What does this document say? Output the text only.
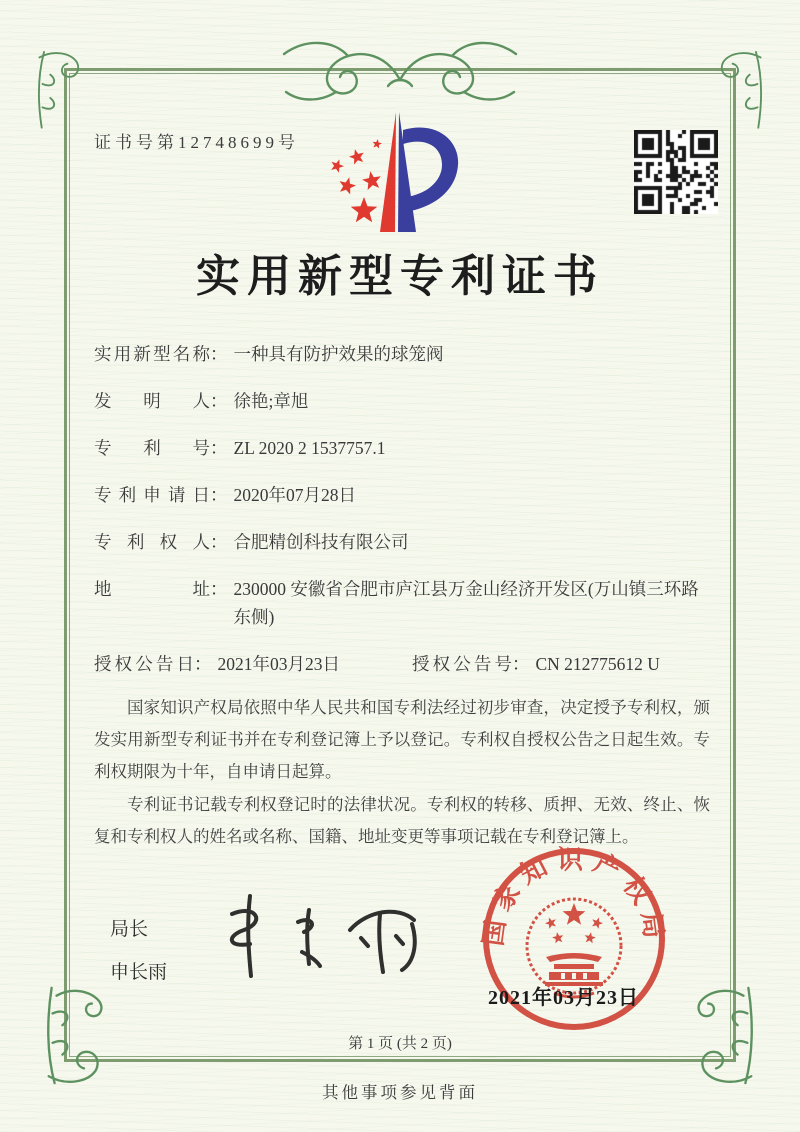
证书号第12748699号
实用新型专利证书
实用新型名称 ： 一种具有防护效果的球笼阀
发明人 ： 徐艳;章旭
专利号 ： ZL 2020 2 1537757.1
专利申请日 ： 2020年07月28日
专利权人 ： 合肥精创科技有限公司
地址 ： 230000 安徽省合肥市庐江县万金山经济开发区(万山镇三环路东侧)
授权公告日 ： 2021年03月23日	授权公告号 ： CN 212775612 U

国家知识产权局依照中华人民共和国专利法经过初步审查，决定授予专利权，颁发实用新型专利证书并在专利登记簿上予以登记。专利权自授权公告之日起生效。专利权期限为十年，自申请日起算。

专利证书记载专利权登记时的法律状况。专利权的转移、质押、无效、终止、恢复和专利权人的姓名或名称、国籍、地址变更等事项记载在专利登记簿上。

局长
申长雨
国家知识产权局
2021年03月23日
第 1 页 (共 2 页)
其他事项参见背面
